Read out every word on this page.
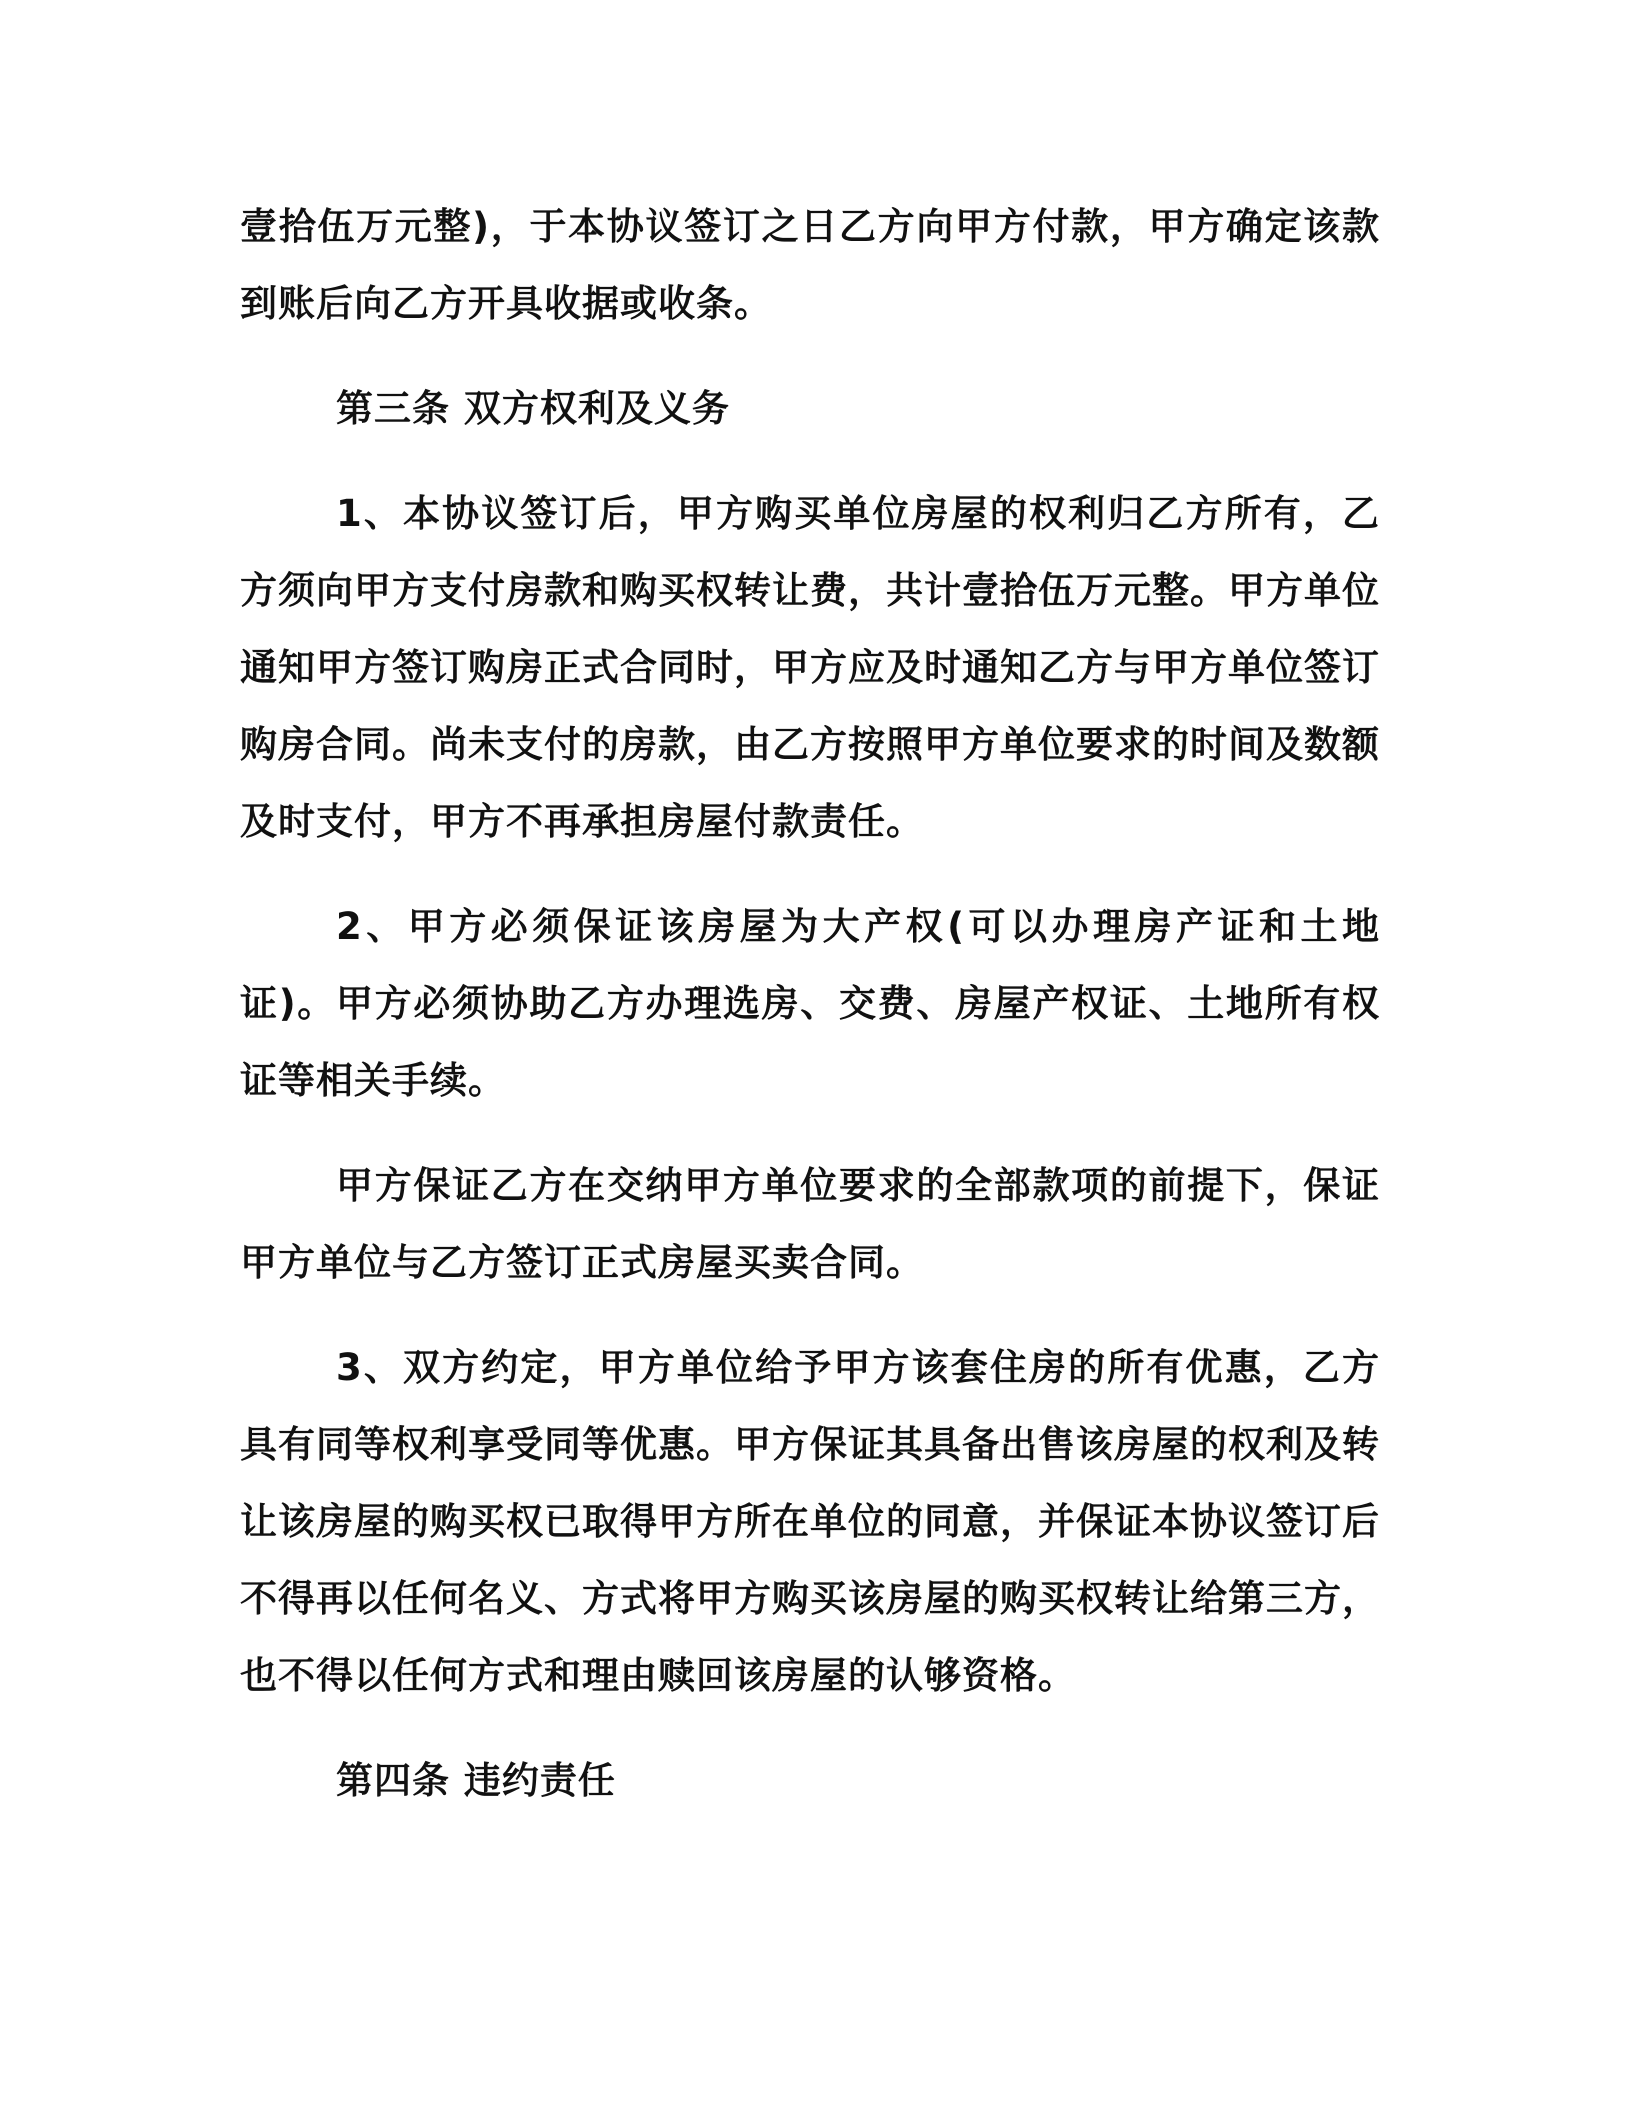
壹拾伍万元整)，于本协议签订之日乙方向甲方付款，甲方确定该款到账后向乙方开具收据或收条。

第三条 双方权利及义务

1、本协议签订后，甲方购买单位房屋的权利归乙方所有，乙方须向甲方支付房款和购买权转让费，共计壹拾伍万元整。甲方单位通知甲方签订购房正式合同时，甲方应及时通知乙方与甲方单位签订购房合同。尚未支付的房款，由乙方按照甲方单位要求的时间及数额及时支付，甲方不再承担房屋付款责任。

2、甲方必须保证该房屋为大产权(可以办理房产证和土地证)。甲方必须协助乙方办理选房、交费、房屋产权证、土地所有权证等相关手续。

甲方保证乙方在交纳甲方单位要求的全部款项的前提下，保证甲方单位与乙方签订正式房屋买卖合同。

3、双方约定，甲方单位给予甲方该套住房的所有优惠，乙方具有同等权利享受同等优惠。甲方保证其具备出售该房屋的权利及转让该房屋的购买权已取得甲方所在单位的同意，并保证本协议签订后不得再以任何名义、方式将甲方购买该房屋的购买权转让给第三方，也不得以任何方式和理由赎回该房屋的认够资格。

第四条 违约责任
